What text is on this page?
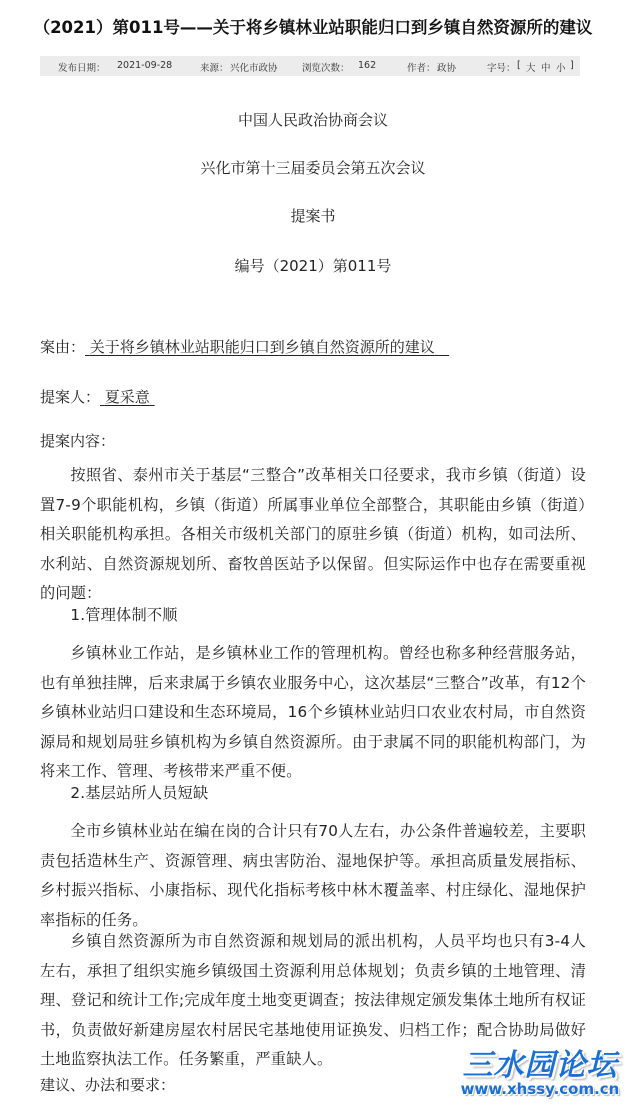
（2021）第011号——关于将乡镇林业站职能归口到乡镇自然资源所的建议
发布日期： 2021-09-28	来源： 兴化市政协	浏览次数： 162	作者： 政协	字号： [ 大 中 小 ]
中国人民政治协商会议
兴化市第十三届委员会第五次会议
提案书
编号（2021）第011号
案由： 关于将乡镇林业站职能归口到乡镇自然资源所的建议
提案人： 夏采意
提案内容：
按照省、泰州市关于基层“三整合”改革相关口径要求，我市乡镇（街道）设置7-9个职能机构，乡镇（街道）所属事业单位全部整合，其职能由乡镇（街道）相关职能机构承担。各相关市级机关部门的原驻乡镇（街道）机构，如司法所、水利站、自然资源规划所、畜牧兽医站予以保留。但实际运作中也存在需要重视的问题：
1.管理体制不顺
乡镇林业工作站，是乡镇林业工作的管理机构。曾经也称多种经营服务站，也有单独挂牌，后来隶属于乡镇农业服务中心，这次基层“三整合”改革，有12个乡镇林业站归口建设和生态环境局，16个乡镇林业站归口农业农村局，市自然资源局和规划局驻乡镇机构为乡镇自然资源所。由于隶属不同的职能机构部门，为将来工作、管理、考核带来严重不便。
2.基层站所人员短缺
全市乡镇林业站在编在岗的合计只有70人左右，办公条件普遍较差，主要职责包括造林生产、资源管理、病虫害防治、湿地保护等。承担高质量发展指标、乡村振兴指标、小康指标、现代化指标考核中林木覆盖率、村庄绿化、湿地保护率指标的任务。
乡镇自然资源所为市自然资源和规划局的派出机构，人员平均也只有3-4人左右，承担了组织实施乡镇级国土资源利用总体规划；负责乡镇的土地管理、清理、登记和统计工作;完成年度土地变更调查；按法律规定颁发集体土地所有权证书，负责做好新建房屋农村居民宅基地使用证换发、归档工作；配合协助局做好土地监察执法工作。任务繁重，严重缺人。
建议、办法和要求：
三水园论坛
www.xhssy.com.cn
